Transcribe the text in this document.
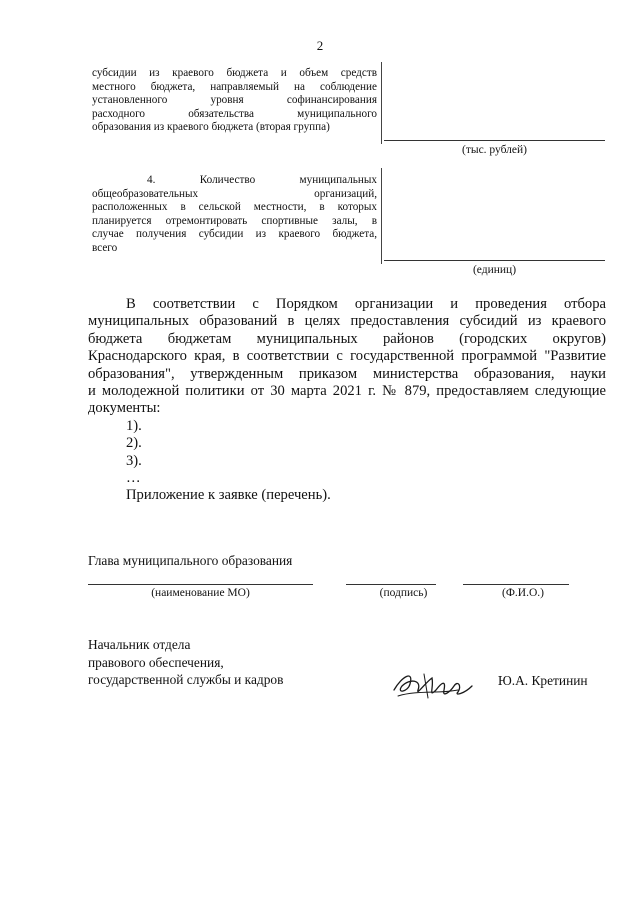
2
субсидии из краевого бюджета и объем средств
местного бюджета, направляемый на соблюдение
установленного уровня софинансирования
расходного обязательства муниципального
образования из краевого бюджета (вторая группа)
(тыс. рублей)
4. Количество муниципальных
общеобразовательных организаций,
расположенных в сельской местности, в которых
планируется отремонтировать спортивные залы, в
случае получения субсидии из краевого бюджета,
всего
(единиц)
В соответствии с Порядком организации и проведения отбора
муниципальных образований в целях предоставления субсидий из краевого
бюджета бюджетам муниципальных районов (городских округов)
Краснодарского края, в соответствии с государственной программой "Развитие
образования", утвержденным приказом министерства образования, науки
и молодежной политики от 30 марта 2021 г. № 879, предоставляем следующие
документы:
1).
2).
3).
…
Приложение к заявке (перечень).
Глава муниципального образования
(наименование МО)	(подпись)	(Ф.И.О.)
Начальник отдела
правового обеспечения,
государственной службы и кадров	Ю.А. Кретинин
